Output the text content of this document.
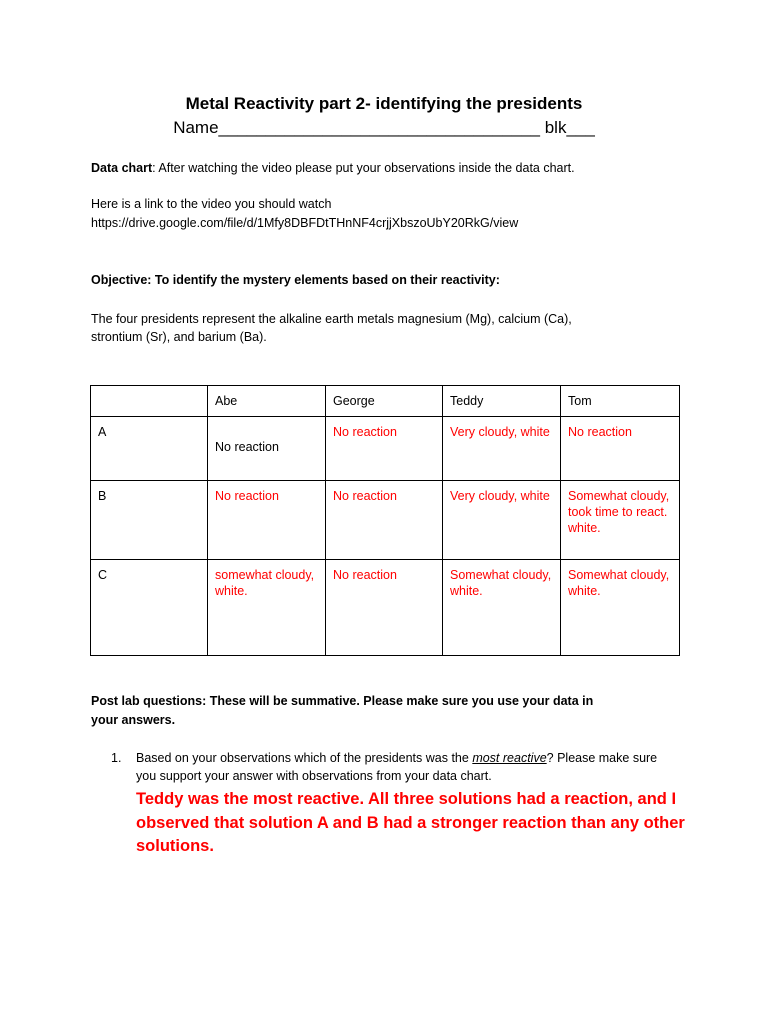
Metal Reactivity part 2- identifying the presidents
Name__________________________________ blk___
Data chart: After watching the video please put your observations inside the data chart.
Here is a link to the video you should watch
https://drive.google.com/file/d/1Mfy8DBFDtTHnNF4crjjXbszoUbY20RkG/view
Objective: To identify the mystery elements based on their reactivity:
The four presidents represent the alkaline earth metals magnesium (Mg), calcium (Ca),
strontium (Sr), and barium (Ba).
	Abe	George	Teddy	Tom
A	No reaction	No reaction	Very cloudy, white	No reaction
B	No reaction	No reaction	Very cloudy, white	Somewhat cloudy, took time to react. white.
C	somewhat cloudy, white.	No reaction	Somewhat cloudy, white.	Somewhat cloudy, white.
Post lab questions: These will be summative. Please make sure you use your data in
your answers.
1. Based on your observations which of the presidents was the most reactive? Please make sure you support your answer with observations from your data chart.
Teddy was the most reactive. All three solutions had a reaction, and I observed that solution A and B had a stronger reaction than any other solutions.
